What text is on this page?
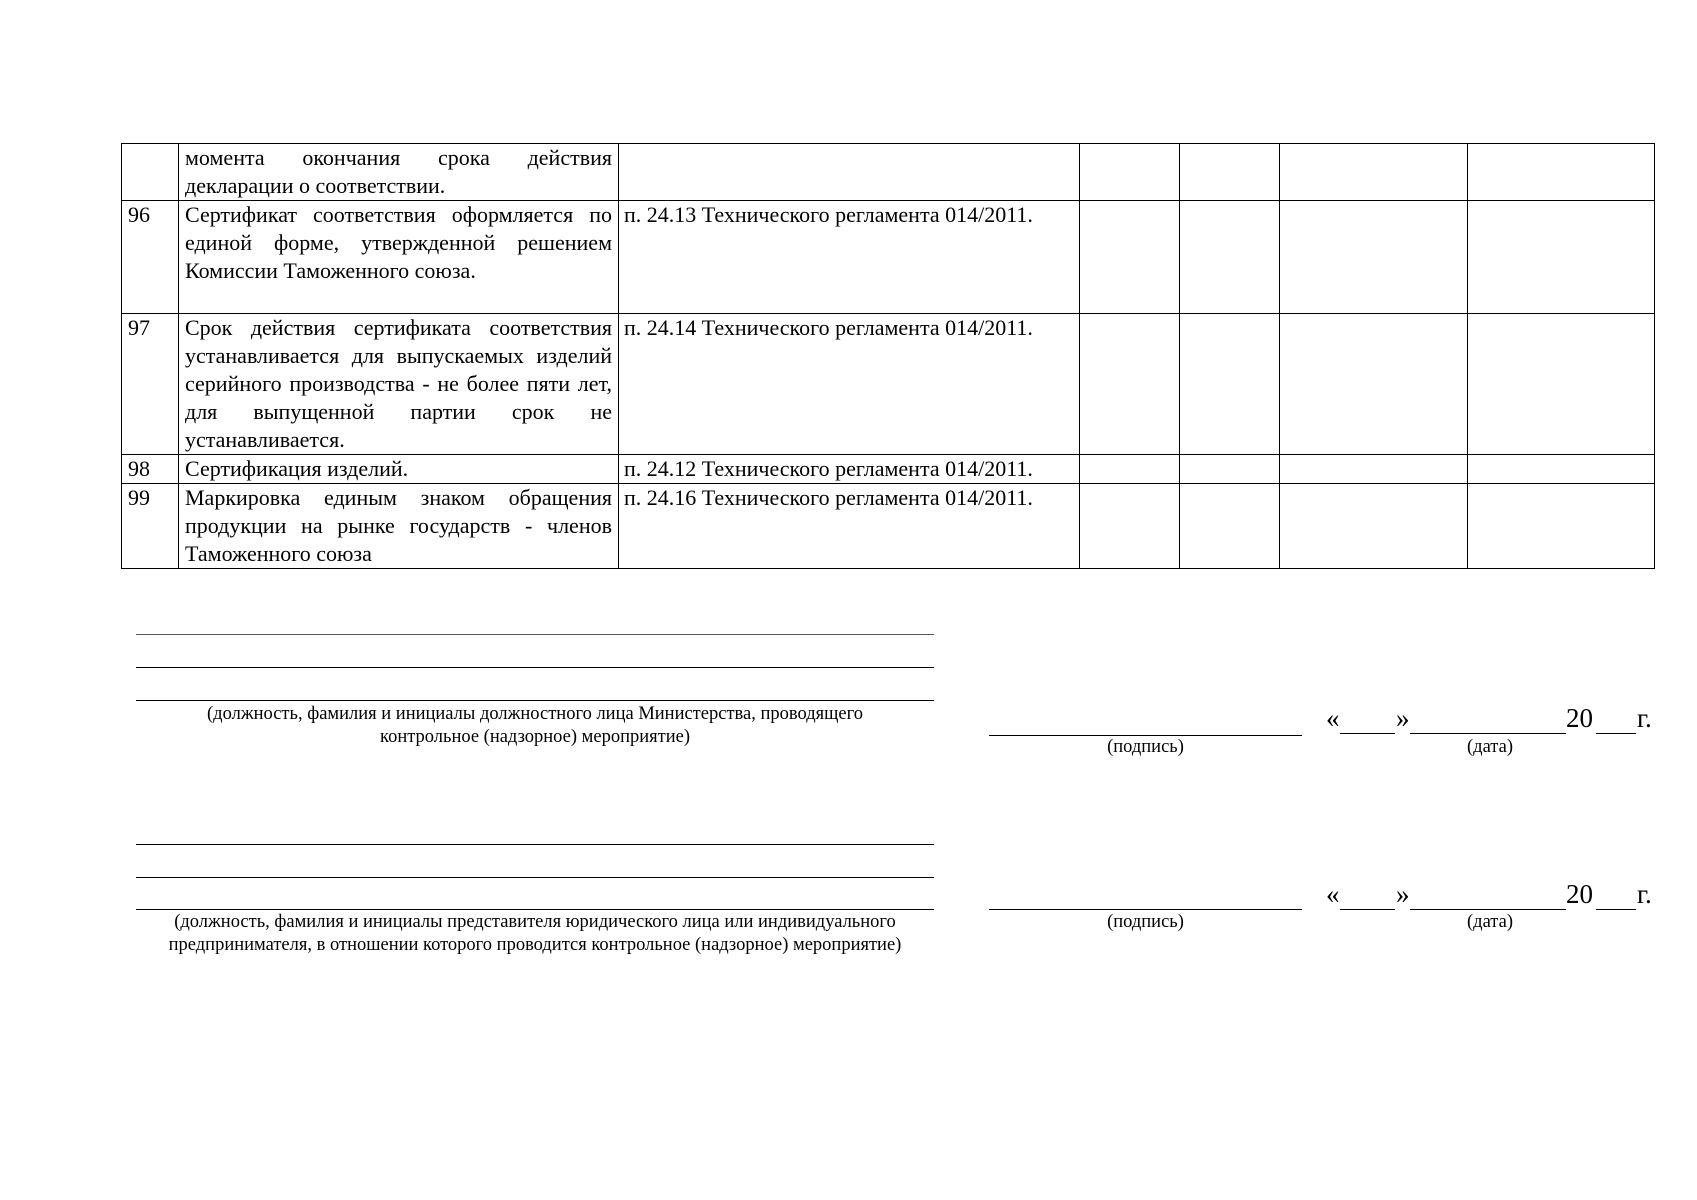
	момента окончания срока действия декларации о соответствии.					
96	Сертификат соответствия оформляется по единой форме, утвержденной решением Комиссии Таможенного союза.	п. 24.13 Технического регламента 014/2011.				
97	Срок действия сертификата соответствия устанавливается для выпускаемых изделий серийного производства - не более пяти лет, для выпущенной партии срок не устанавливается.	п. 24.14 Технического регламента 014/2011.				
98	Сертификация изделий.	п. 24.12 Технического регламента 014/2011.				
99	Маркировка единым знаком обращения продукции на рынке государств - членов Таможенного союза	п. 24.16 Технического регламента 014/2011.				
(должность, фамилия и инициалы должностного лица Министерства, проводящего
контрольное (надзорное) мероприятие)	(подпись)
« »	20 г.
(дата)
(должность, фамилия и инициалы представителя юридического лица или индивидуального
предпринимателя, в отношении которого проводится контрольное (надзорное) мероприятие)
(подпись)
« »	20 г.
(дата)
